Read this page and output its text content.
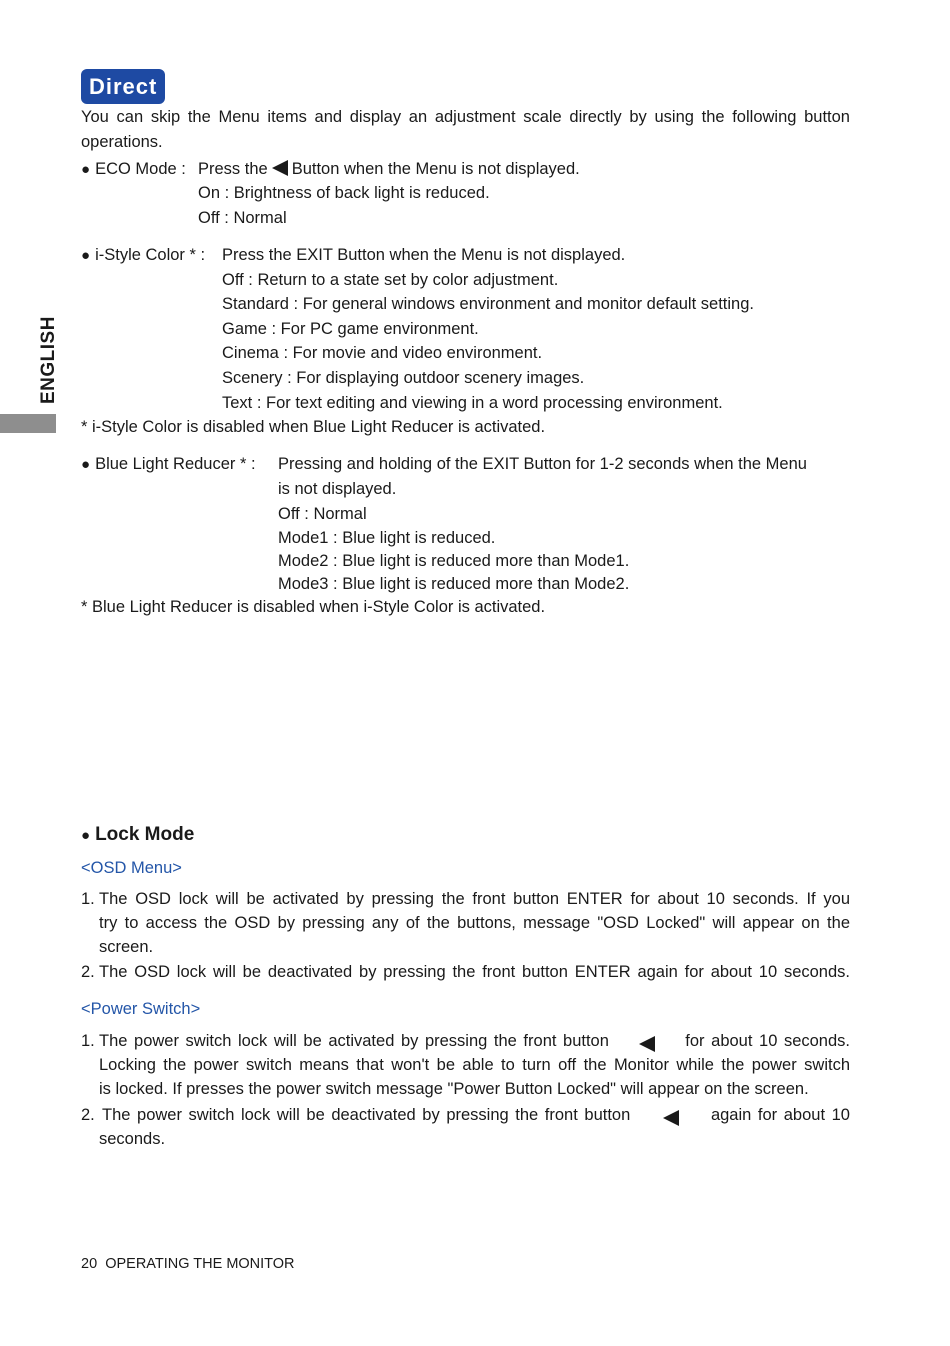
ENGLISH
Direct
You can skip the Menu items and display an adjustment scale directly by using the following button
operations.
● ECO Mode : Press the Button when the Menu is not displayed.
On : Brightness of back light is reduced.
Off : Normal
● i-Style Color * : Press the EXIT Button when the Menu is not displayed.
Off : Return to a state set by color adjustment.
Standard : For general windows environment and monitor default setting.
Game : For PC game environment.
Cinema : For movie and video environment.
Scenery : For displaying outdoor scenery images.
Text : For text editing and viewing in a word processing environment.
* i-Style Color is disabled when Blue Light Reducer is activated.
● Blue Light Reducer * : Pressing and holding of the EXIT Button for 1-2 seconds when the Menu
is not displayed.
Off : Normal
Mode1 : Blue light is reduced.
Mode2 : Blue light is reduced more than Mode1.
Mode3 : Blue light is reduced more than Mode2.
* Blue Light Reducer is disabled when i-Style Color is activated.
● Lock Mode
<OSD Menu>
1. The OSD lock will be activated by pressing the front button ENTER for about 10 seconds. If you
try to access the OSD by pressing any of the buttons, message "OSD Locked" will appear on the
screen.
2. The OSD lock will be deactivated by pressing the front button ENTER again for about 10 seconds.
<Power Switch>
1. The power switch lock will be activated by pressing the front button	for about 10 seconds.
Locking the power switch means that won't be able to turn off the Monitor while the power switch
is locked. If presses the power switch message "Power Button Locked" will appear on the screen.
2. The power switch lock will be deactivated by pressing the front button	again for about 10
seconds.
20 OPERATING THE MONITOR
